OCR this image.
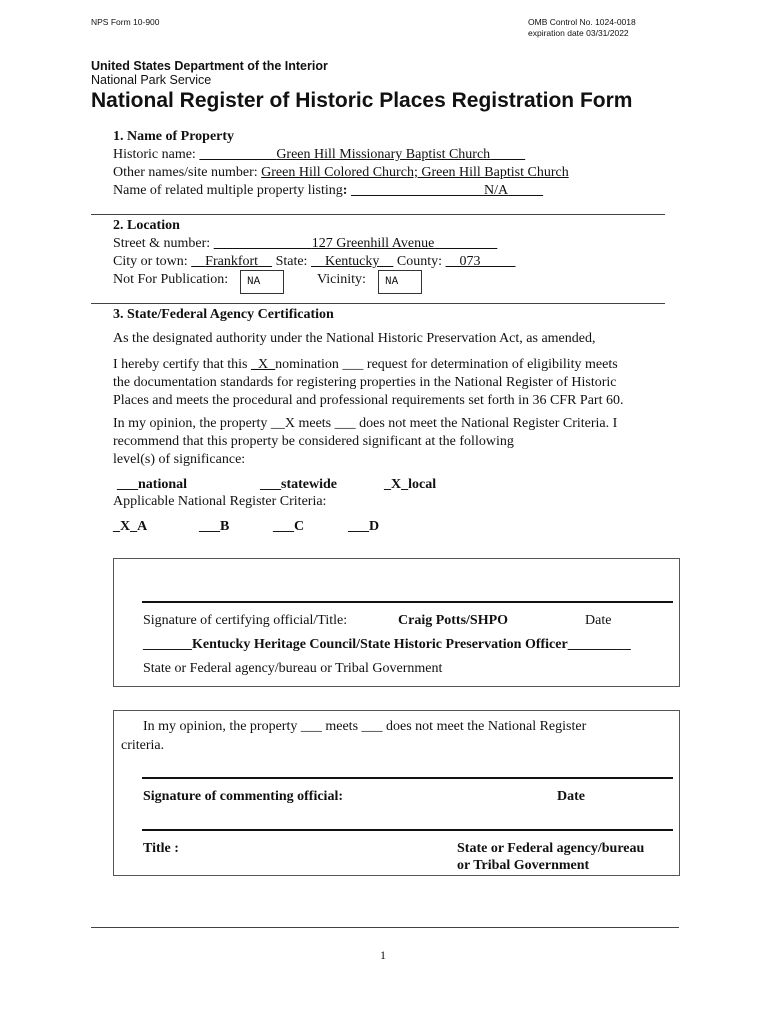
NPS Form 10-900	OMB Control No. 1024-0018
expiration date 03/31/2022
United States Department of the Interior
National Park Service
National Register of Historic Places Registration Form
1. Name of Property
Historic name:       	Green Hill Missionary Baptist Church   
Other names/site number: Green Hill Colored Church; Green Hill Baptist Church
Name of related multiple property listing:           	N/A   
2. Location
Street & number:        	127 Greenhill Avenue     
City or town:    Frankfort   State:    Kentucky   County:    073     
Not For Publication:	NA	Vicinity:	NA
3. State/Federal Agency Certification
As the designated authority under the National Historic Preservation Act, as amended,
I hereby certify that this _X_nomination ___ request for determination of eligibility meets
the documentation standards for registering properties in the National Register of Historic
Places and meets the procedural and professional requirements set forth in 36 CFR Part 60.
In my opinion, the property __X meets ___ does not meet the National Register Criteria. I
recommend that this property be considered significant at the following
level(s) of significance:
___national	___statewide	_X_local
Applicable National Register Criteria:
_X_A	___B	___C	___D
Signature of certifying official/Title:	Craig Potts/SHPO	Date
_______Kentucky Heritage Council/State Historic Preservation Officer_________
State or Federal agency/bureau or Tribal Government
In my opinion, the property ___ meets ___ does not meet the National Register
criteria.
Signature of commenting official:	Date
Title :	State or Federal agency/bureau
or Tribal Government
1
